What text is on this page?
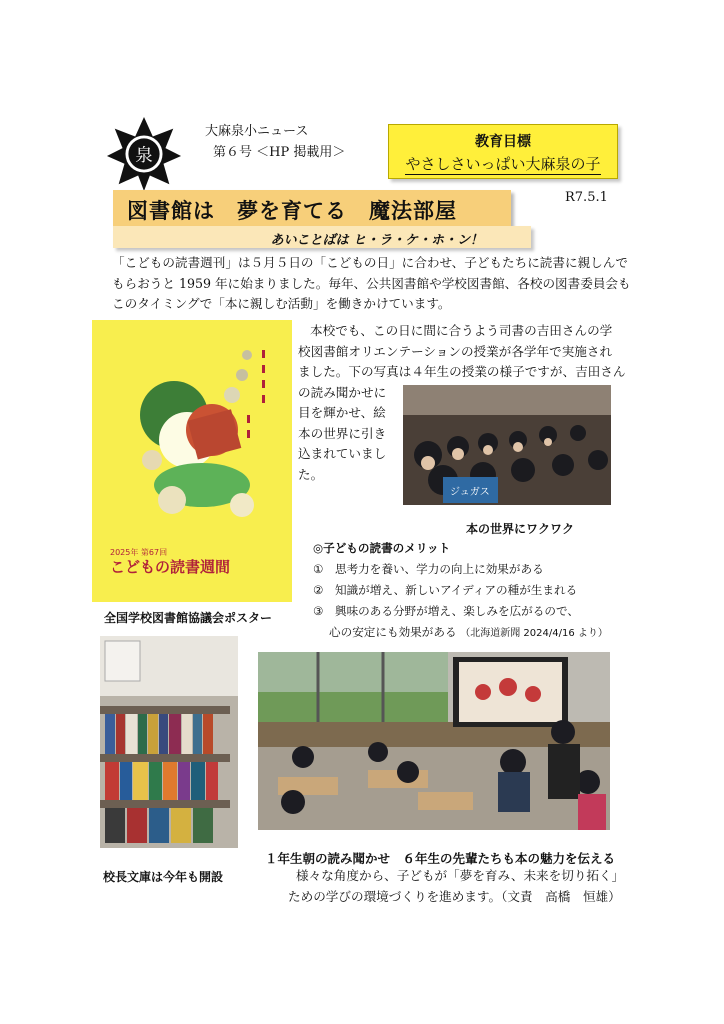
泉
大麻泉小ニュース
第６号 ＜HP 掲載用＞
教育目標
やさしさいっぱい大麻泉の子
R7.5.1
図書館は　夢を育てる　魔法部屋
あいことばは ヒ・ラ・ケ・ホ・ン！
「こどもの読書週刊」は５月５日の「こどもの日」に合わせ、子どもたちに読書に親しんで
もらおうと 1959 年に始まりました。毎年、公共図書館や学校図書館、各校の図書委員会も
このタイミングで「本に親しむ活動」を働きかけています。
2025年 第67回
こどもの読書週間
本校でも、この日に間に合うよう司書の吉田さんの学
校図書館オリエンテーションの授業が各学年で実施され
ました。下の写真は４年生の授業の様子ですが、吉田さん
の読み聞かせに
目を輝かせ、絵
本の世界に引き
込まれていまし
た。
ジュガス
本の世界にワクワク
◎子どもの読書のメリット
①　思考力を養い、学力の向上に効果がある
②　知識が増え、新しいアイディアの種が生まれる
③　興味のある分野が増え、楽しみを広がるので、
心の安定にも効果がある （北海道新聞 2024/4/16 より）
全国学校図書館協議会ポスター
校長文庫は今年も開設
１年生朝の読み聞かせ　６年生の先輩たちも本の魅力を伝える
様々な角度から、子どもが「夢を育み、未来を切り拓く」
ための学びの環境づくりを進めます。（文責　高橋　恒雄）
